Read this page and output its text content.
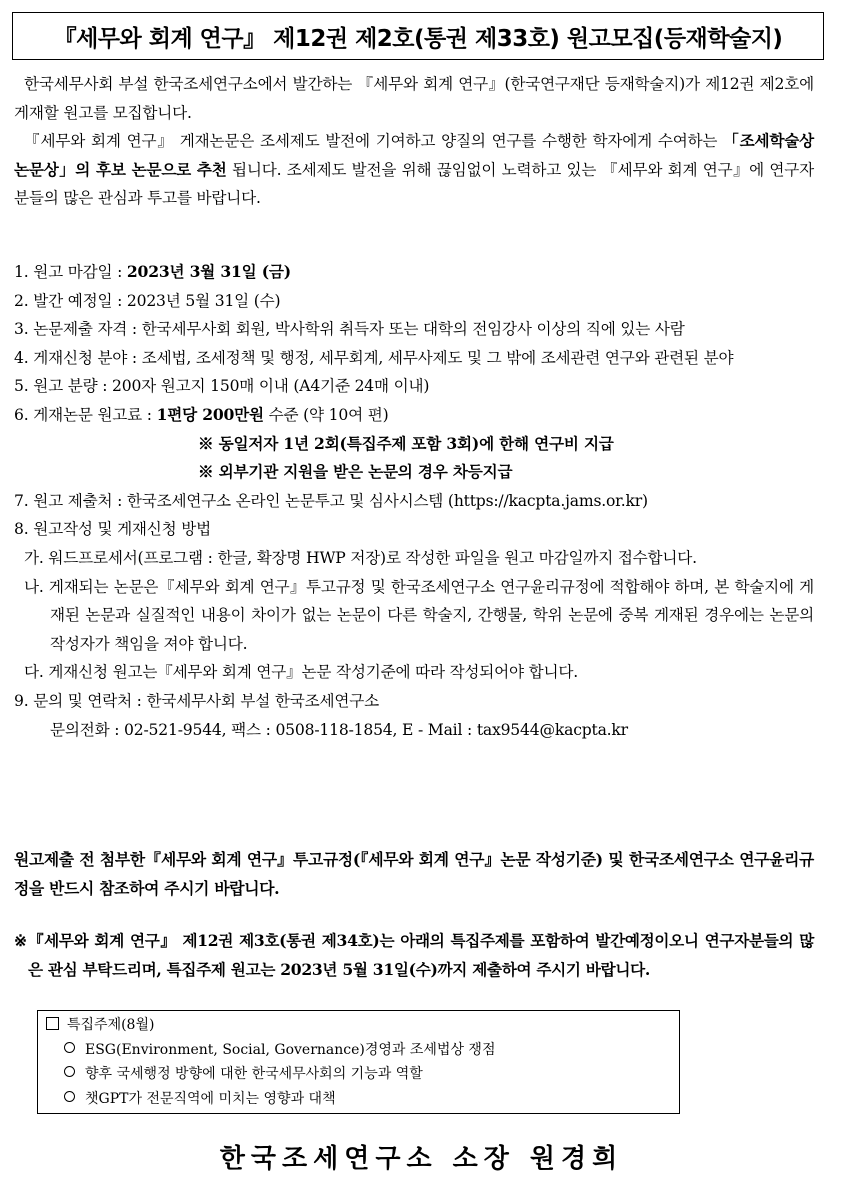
『세무와 회계 연구』 제12권 제2호(통권 제33호) 원고모집(등재학술지)

한국세무사회 부설 한국조세연구소에서 발간하는 『세무와 회계 연구』(한국연구재단 등재학술지)가 제12권 제2호에 게재할 원고를 모집합니다.

『세무와 회계 연구』 게재논문은 조세제도 발전에 기여하고 양질의 연구를 수행한 학자에게 수여하는 「조세학술상 논문상」의 후보 논문으로 추천 됩니다. 조세제도 발전을 위해 끊임없이 노력하고 있는 『세무와 회계 연구』에 연구자분들의 많은 관심과 투고를 바랍니다.

1. 원고 마감일 : 2023년 3월 31일 (금)

2. 발간 예정일 : 2023년 5월 31일 (수)

3. 논문제출 자격 : 한국세무사회 회원, 박사학위 취득자 또는 대학의 전임강사 이상의 직에 있는 사람

4. 게재신청 분야 : 조세법, 조세정책 및 행정, 세무회계, 세무사제도 및 그 밖에 조세관련 연구와 관련된 분야

5. 원고 분량 : 200자 원고지 150매 이내 (A4기준 24매 이내)

6. 게재논문 원고료 : 1편당 200만원 수준 (약 10여 편)

※ 동일저자 1년 2회(특집주제 포함 3회)에 한해 연구비 지급

※ 외부기관 지원을 받은 논문의 경우 차등지급

7. 원고 제출처 : 한국조세연구소 온라인 논문투고 및 심사시스템 (https://kacpta.jams.or.kr)

8. 원고작성 및 게재신청 방법

가. 워드프로세서(프로그램 : 한글, 확장명 HWP 저장)로 작성한 파일을 원고 마감일까지 접수합니다.

나. 게재되는 논문은『세무와 회계 연구』투고규정 및 한국조세연구소 연구윤리규정에 적합해야 하며, 본 학술지에 게재된 논문과 실질적인 내용이 차이가 없는 논문이 다른 학술지, 간행물, 학위 논문에 중복 게재된 경우에는 논문의 작성자가 책임을 져야 합니다.

다. 게재신청 원고는『세무와 회계 연구』논문 작성기준에 따라 작성되어야 합니다.

9. 문의 및 연락처 : 한국세무사회 부설 한국조세연구소

문의전화 : 02-521-9544, 팩스 : 0508-118-1854, E - Mail : tax9544@kacpta.kr

원고제출 전 첨부한『세무와 회계 연구』투고규정(『세무와 회계 연구』논문 작성기준) 및 한국조세연구소 연구윤리규정을 반드시 참조하여 주시기 바랍니다.
※ 『세무와 회계 연구』 제12권 제3호(통권 제34호)는 아래의 특집주제를 포함하여 발간예정이오니 연구자분들의 많은 관심 부탁드리며, 특집주제 원고는 2023년 5월 31일(수)까지 제출하여 주시기 바랍니다.

특집주제(8월)

ESG(Environment, Social, Governance)경영과 조세법상 쟁점
향후 국세행정 방향에 대한 한국세무사회의 기능과 역할
챗GPT가 전문직역에 미치는 영향과 대책
한국조세연구소 소장 원경희
